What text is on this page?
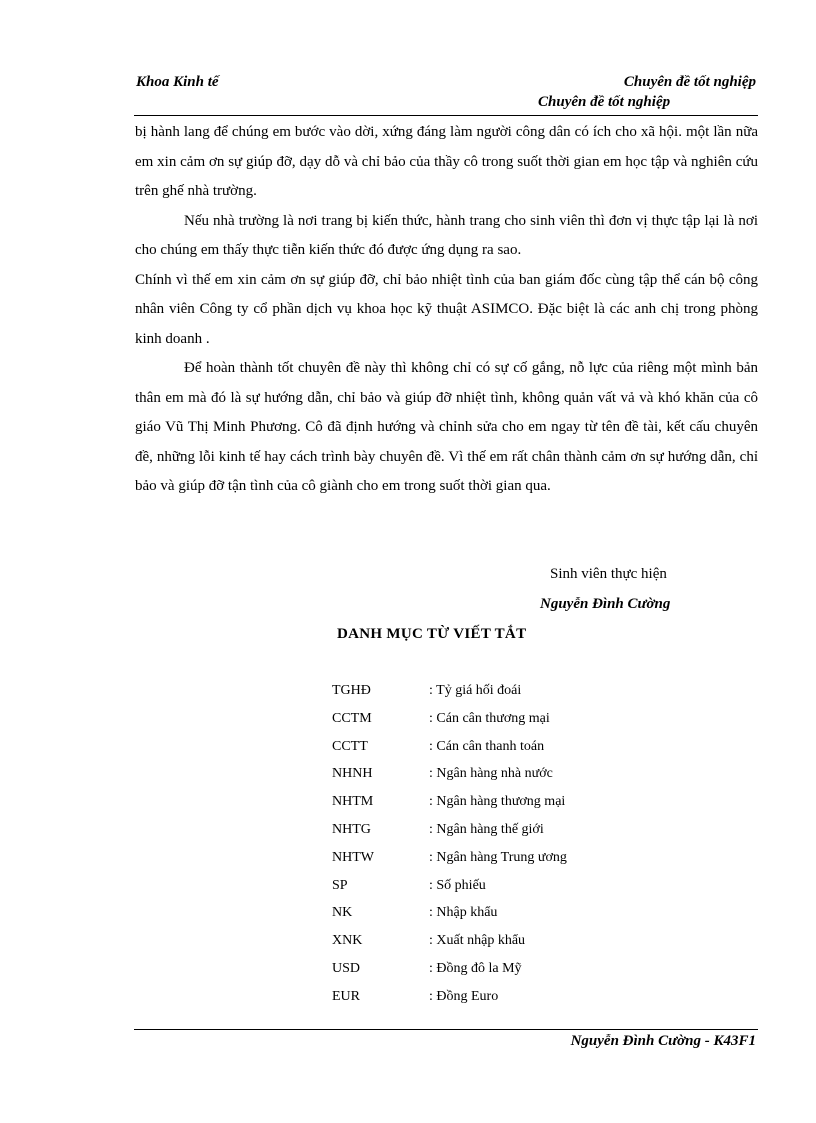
Khoa Kinh tế	Chuyên đề tốt nghiệp
Chuyên đề tốt nghiệp

bị hành lang để chúng em bước vào dời, xứng đáng làm người công dân có ích cho xã hội. một lần nữa em xin cảm ơn sự giúp đỡ, dạy dỗ và chỉ bảo của thầy cô trong suốt thời gian em học tập và nghiên cứu trên ghế nhà trường.

Nếu nhà trường là nơi trang bị kiến thức, hành trang cho sinh viên thì đơn vị thực tập lại là nơi cho chúng em thấy thực tiễn kiến thức đó được ứng dụng ra sao.

Chính vì thế em xin cảm ơn sự giúp đỡ, chỉ bảo nhiệt tình của ban giám đốc cùng tập thể cán bộ công nhân viên Công ty cổ phần dịch vụ khoa học kỹ thuật ASIMCO. Đặc biệt là các anh chị trong phòng kinh doanh .

Để hoàn thành tốt chuyên đề này thì không chỉ có sự cố gắng, nỗ lực của riêng một mình bản thân em mà đó là sự hướng dẫn, chỉ bảo và giúp đỡ nhiệt tình, không quản vất vả và khó khăn của cô giáo Vũ Thị Minh Phương. Cô đã định hướng và chỉnh sửa cho em ngay từ tên đề tài, kết cấu chuyên đề, những lỗi kinh tế hay cách trình bày chuyên đề. Vì thế em rất chân thành cảm ơn sự hướng dẫn, chỉ bảo và giúp đỡ tận tình của cô giành cho em trong suốt thời gian qua.

Sinh viên thực hiện
Nguyễn Đình Cường
DANH MỤC TỪ VIẾT TẮT
TGHĐ	: Tỷ giá hối đoái
CCTM	: Cán cân thương mại
CCTT	: Cán cân thanh toán
NHNH	: Ngân hàng nhà nước
NHTM	: Ngân hàng thương mại
NHTG	: Ngân hàng thế giới
NHTW	: Ngân hàng Trung ương
SP	: Số phiếu
NK	: Nhập khẩu
XNK	: Xuất nhập khẩu
USD	: Đồng đô la Mỹ
EUR	: Đồng Euro
Nguyễn Đình Cường - K43F1
